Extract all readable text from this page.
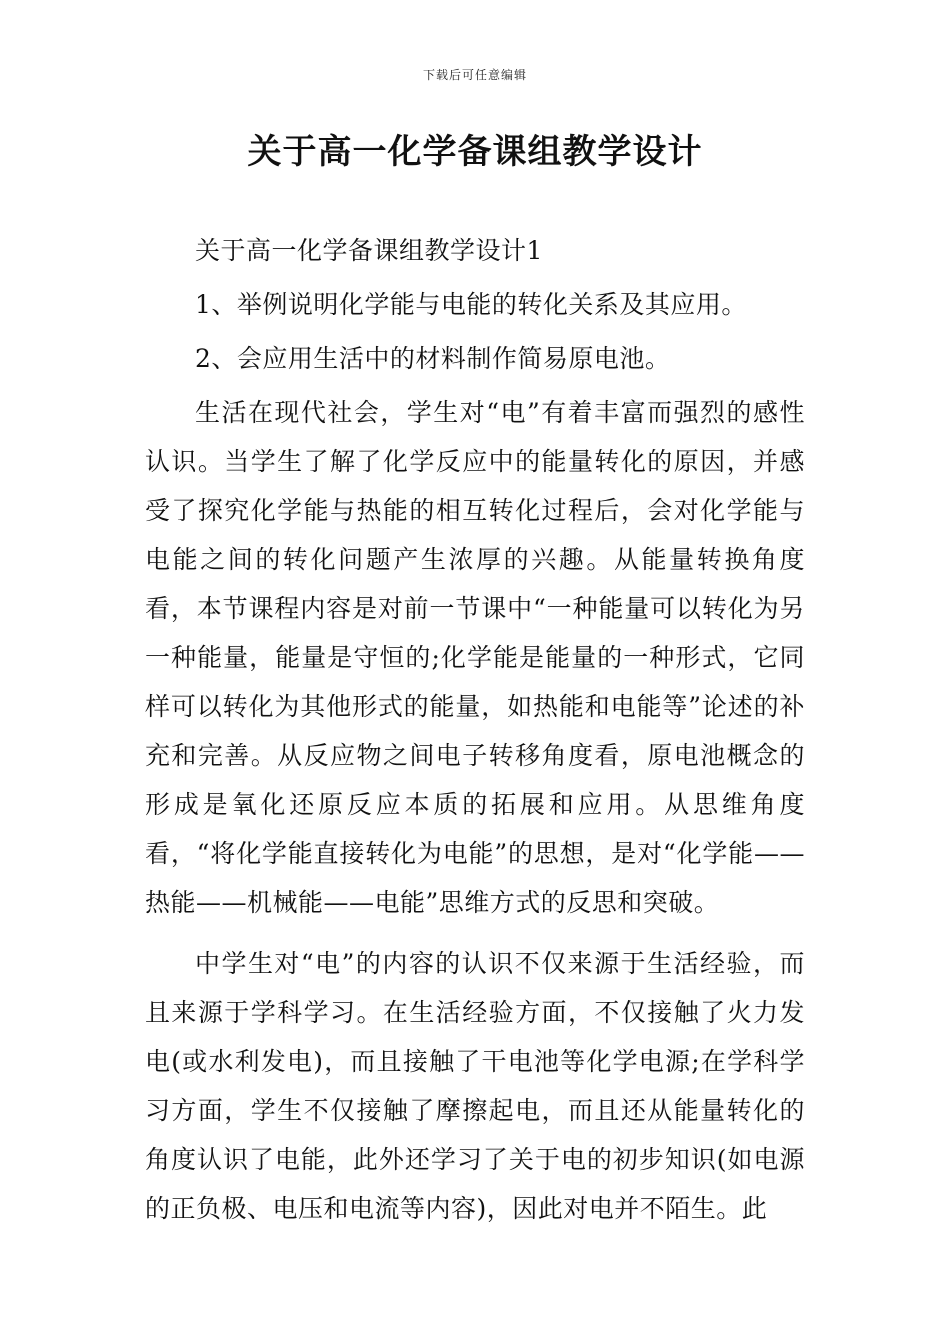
下载后可任意编辑
关于高一化学备课组教学设计

关于高一化学备课组教学设计1

1、举例说明化学能与电能的转化关系及其应用。

2、会应用生活中的材料制作简易原电池。

生活在现代社会，学生对“电”有着丰富而强烈的感性认识。当学生了解了化学反应中的能量转化的原因，并感受了探究化学能与热能的相互转化过程后，会对化学能与电能之间的转化问题产生浓厚的兴趣。从能量转换角度看，本节课程内容是对前一节课中“一种能量可以转化为另一种能量，能量是守恒的;化学能是能量的一种形式，它同样可以转化为其他形式的能量，如热能和电能等”论述的补充和完善。从反应物之间电子转移角度看，原电池概念的形成是氧化还原反应本质的拓展和应用。从思维角度看，“将化学能直接转化为电能”的思想，是对“化学能——热能——机械能——电能”思维方式的反思和突破。

中学生对“电”的内容的认识不仅来源于生活经验，而且来源于学科学习。在生活经验方面，不仅接触了火力发电(或水利发电)，而且接触了干电池等化学电源;在学科学习方面，学生不仅接触了摩擦起电，而且还从能量转化的角度认识了电能，此外还学习了关于电的初步知识(如电源的正负极、电压和电流等内容)，因此对电并不陌生。此
